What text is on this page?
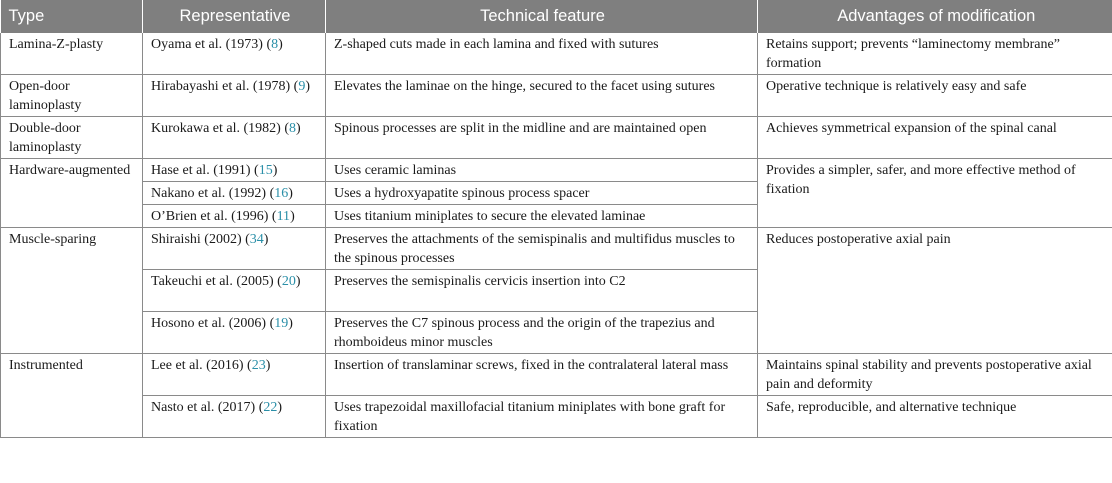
Type	Representative	Technical feature	Advantages of modification
Lamina-Z-plasty	Oyama et al. (1973) (8)	Z-shaped cuts made in each lamina and fixed with sutures	Retains support; prevents “laminectomy membrane” formation
Open-door laminoplasty	Hirabayashi et al. (1978) (9)	Elevates the laminae on the hinge, secured to the facet using sutures	Operative technique is relatively easy and safe
Double-door laminoplasty	Kurokawa et al. (1982) (8)	Spinous processes are split in the midline and are maintained open	Achieves symmetrical expansion of the spinal canal
Hardware-augmented	Hase et al. (1991) (15)	Uses ceramic laminas	Provides a simpler, safer, and more effective method of fixation
	Nakano et al. (1992) (16)	Uses a hydroxyapatite spinous process spacer	
	O’Brien et al. (1996) (11)	Uses titanium miniplates to secure the elevated laminae	
Muscle-sparing	Shiraishi (2002) (34)	Preserves the attachments of the semispinalis and multifidus muscles to the spinous processes	Reduces postoperative axial pain
	Takeuchi et al. (2005) (20)	Preserves the semispinalis cervicis insertion into C2	
	Hosono et al. (2006) (19)	Preserves the C7 spinous process and the origin of the trapezius and rhomboideus minor muscles	
Instrumented	Lee et al. (2016) (23)	Insertion of translaminar screws, fixed in the contralateral lateral mass	Maintains spinal stability and prevents postoperative axial pain and deformity
	Nasto et al. (2017) (22)	Uses trapezoidal maxillofacial titanium miniplates with bone graft for fixation	Safe, reproducible, and alternative technique
